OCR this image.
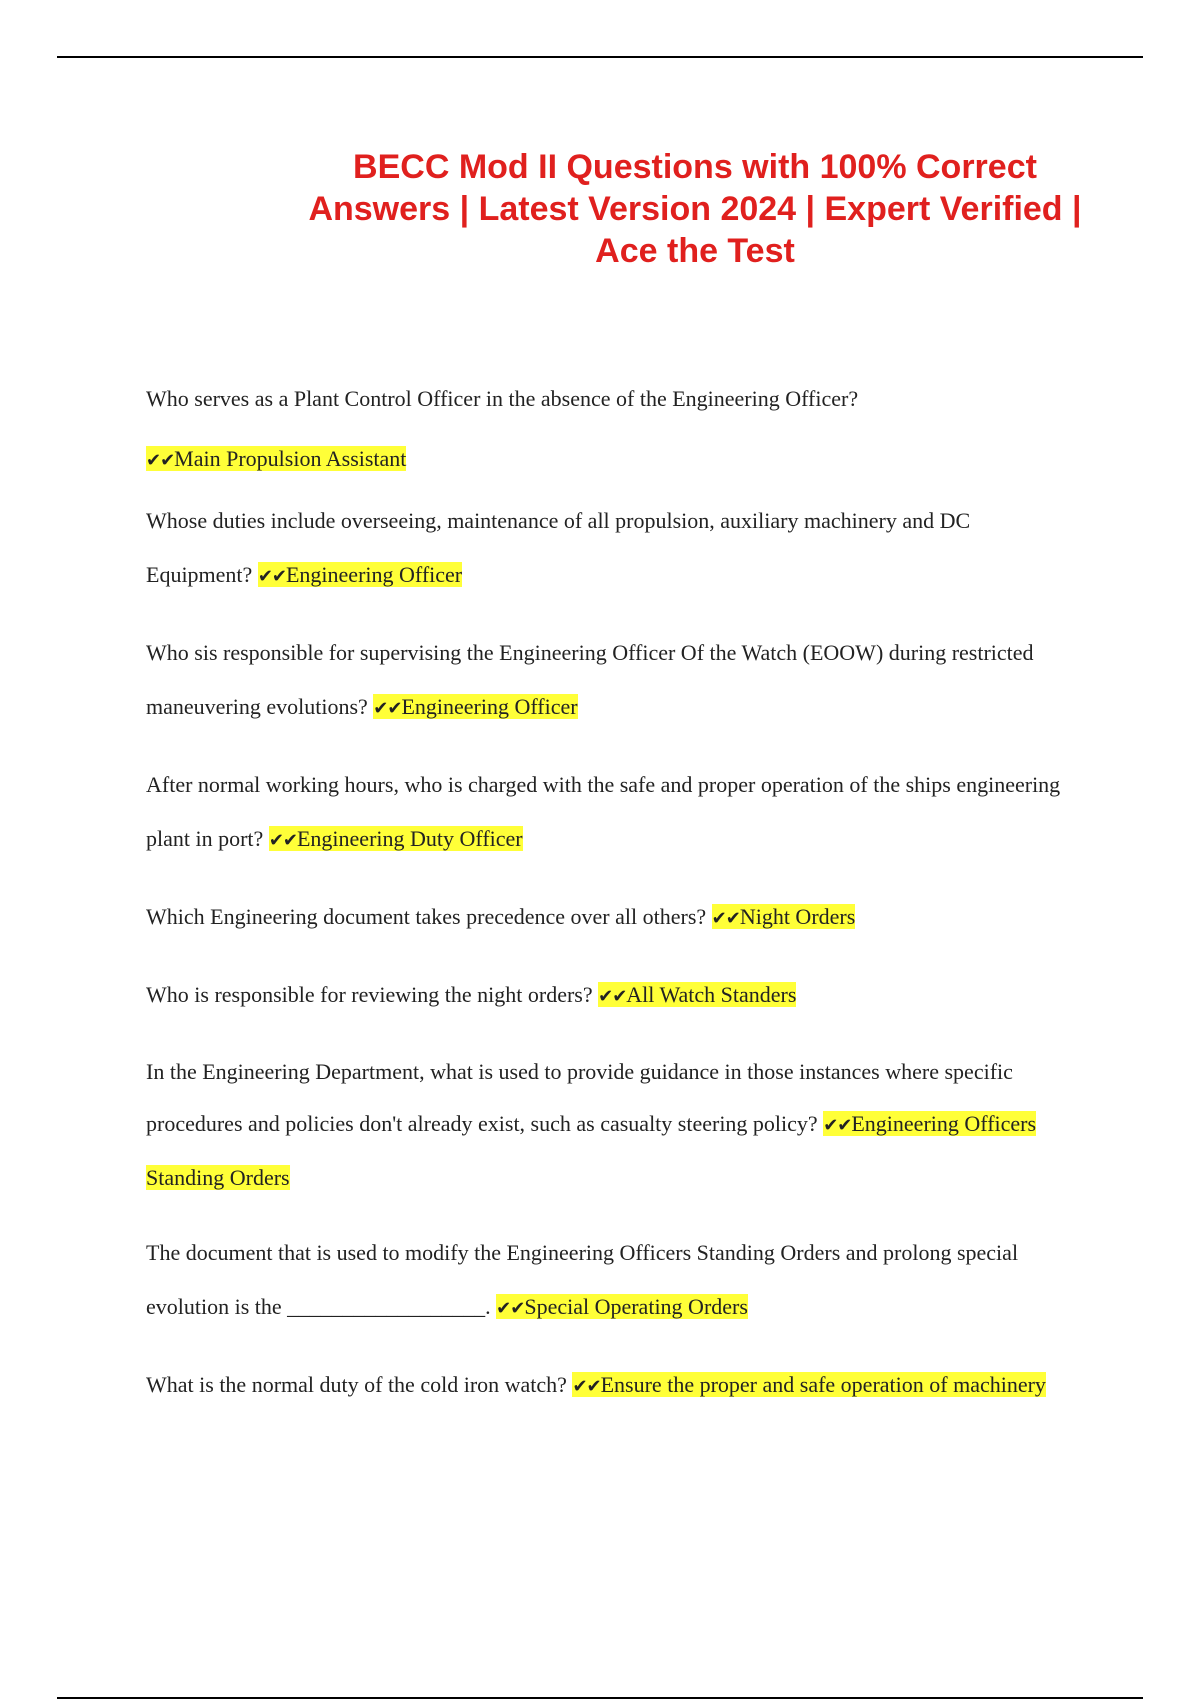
BECC Mod II Questions with 100% Correct Answers | Latest Version 2024 | Expert Verified | Ace the Test

Who serves as a Plant Control Officer in the absence of the Engineering Officer?

✔✔Main Propulsion Assistant

Whose duties include overseeing, maintenance of all propulsion, auxiliary machinery and DC Equipment? ✔✔Engineering Officer

Who sis responsible for supervising the Engineering Officer Of the Watch (EOOW) during restricted maneuvering evolutions? ✔✔Engineering Officer

After normal working hours, who is charged with the safe and proper operation of the ships engineering plant in port? ✔✔Engineering Duty Officer

Which Engineering document takes precedence over all others? ✔✔Night Orders

Who is responsible for reviewing the night orders? ✔✔All Watch Standers

In the Engineering Department, what is used to provide guidance in those instances where specific procedures and policies don't already exist, such as casualty steering policy? ✔✔Engineering Officers Standing Orders

The document that is used to modify the Engineering Officers Standing Orders and prolong special evolution is the __________________. ✔✔Special Operating Orders

What is the normal duty of the cold iron watch? ✔✔Ensure the proper and safe operation of machinery
